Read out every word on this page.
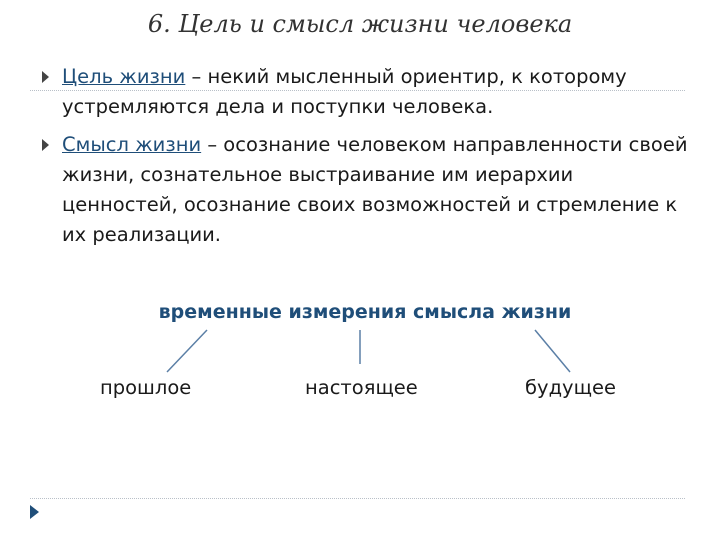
6. Цель и смысл жизни человека
Цель жизни – некий мысленный ориентир, к которому устремляются дела и поступки человека.
Смысл жизни – осознание человеком направленности своей жизни, сознательное выстраивание им иерархии ценностей, осознание своих возможностей и стремление к их реализации.
временные измерения смысла жизни
прошлое	настоящее	будущее
